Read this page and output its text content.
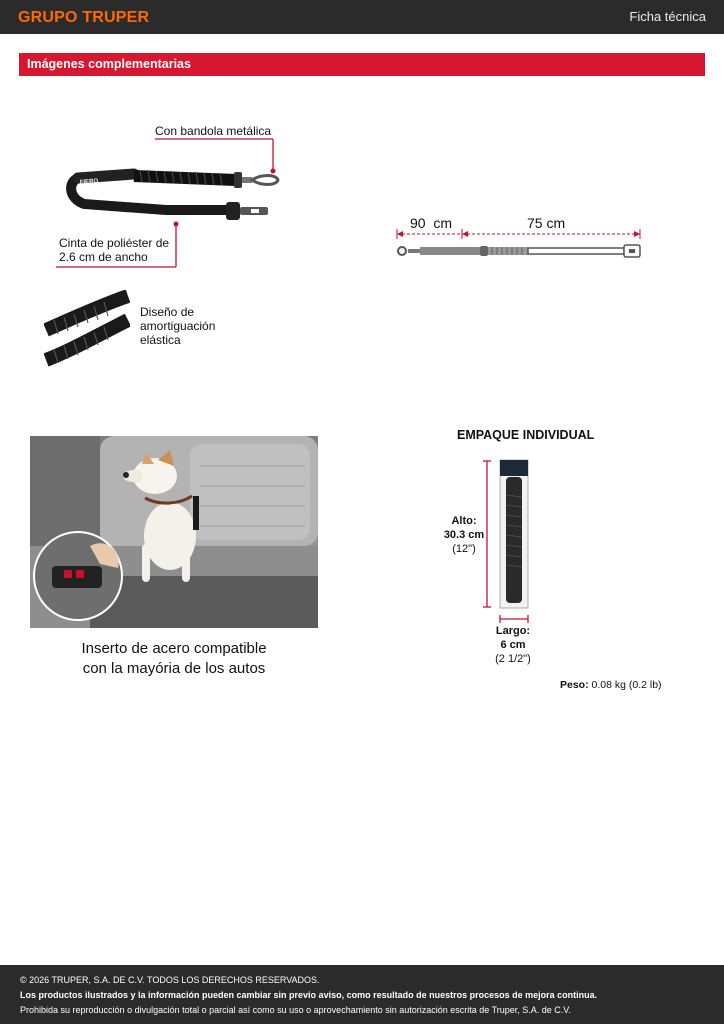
GRUPO TRUPER	Ficha técnica
Imágenes complementarias
FIERO
Con bandola metálica
Cinta de poliéster de
2.6 cm de ancho
Diseño de
amortiguación
elástica
90  cm	75 cm
Inserto de acero compatible
con la mayória de los autos
EMPAQUE INDIVIDUAL
Alto:
30.3 cm
(12")
Largo:
6 cm
(2 1/2")
Peso: 0.08 kg (0.2 lb)
© 2026 TRUPER, S.A. DE C.V. TODOS LOS DERECHOS RESERVADOS.
Los productos ilustrados y la información pueden cambiar sin previo aviso, como resultado de nuestros procesos de mejora continua.
Prohibida su reproducción o divulgación total o parcial así como su uso o aprovechamiento sin autorización escrita de Truper, S.A. de C.V.
